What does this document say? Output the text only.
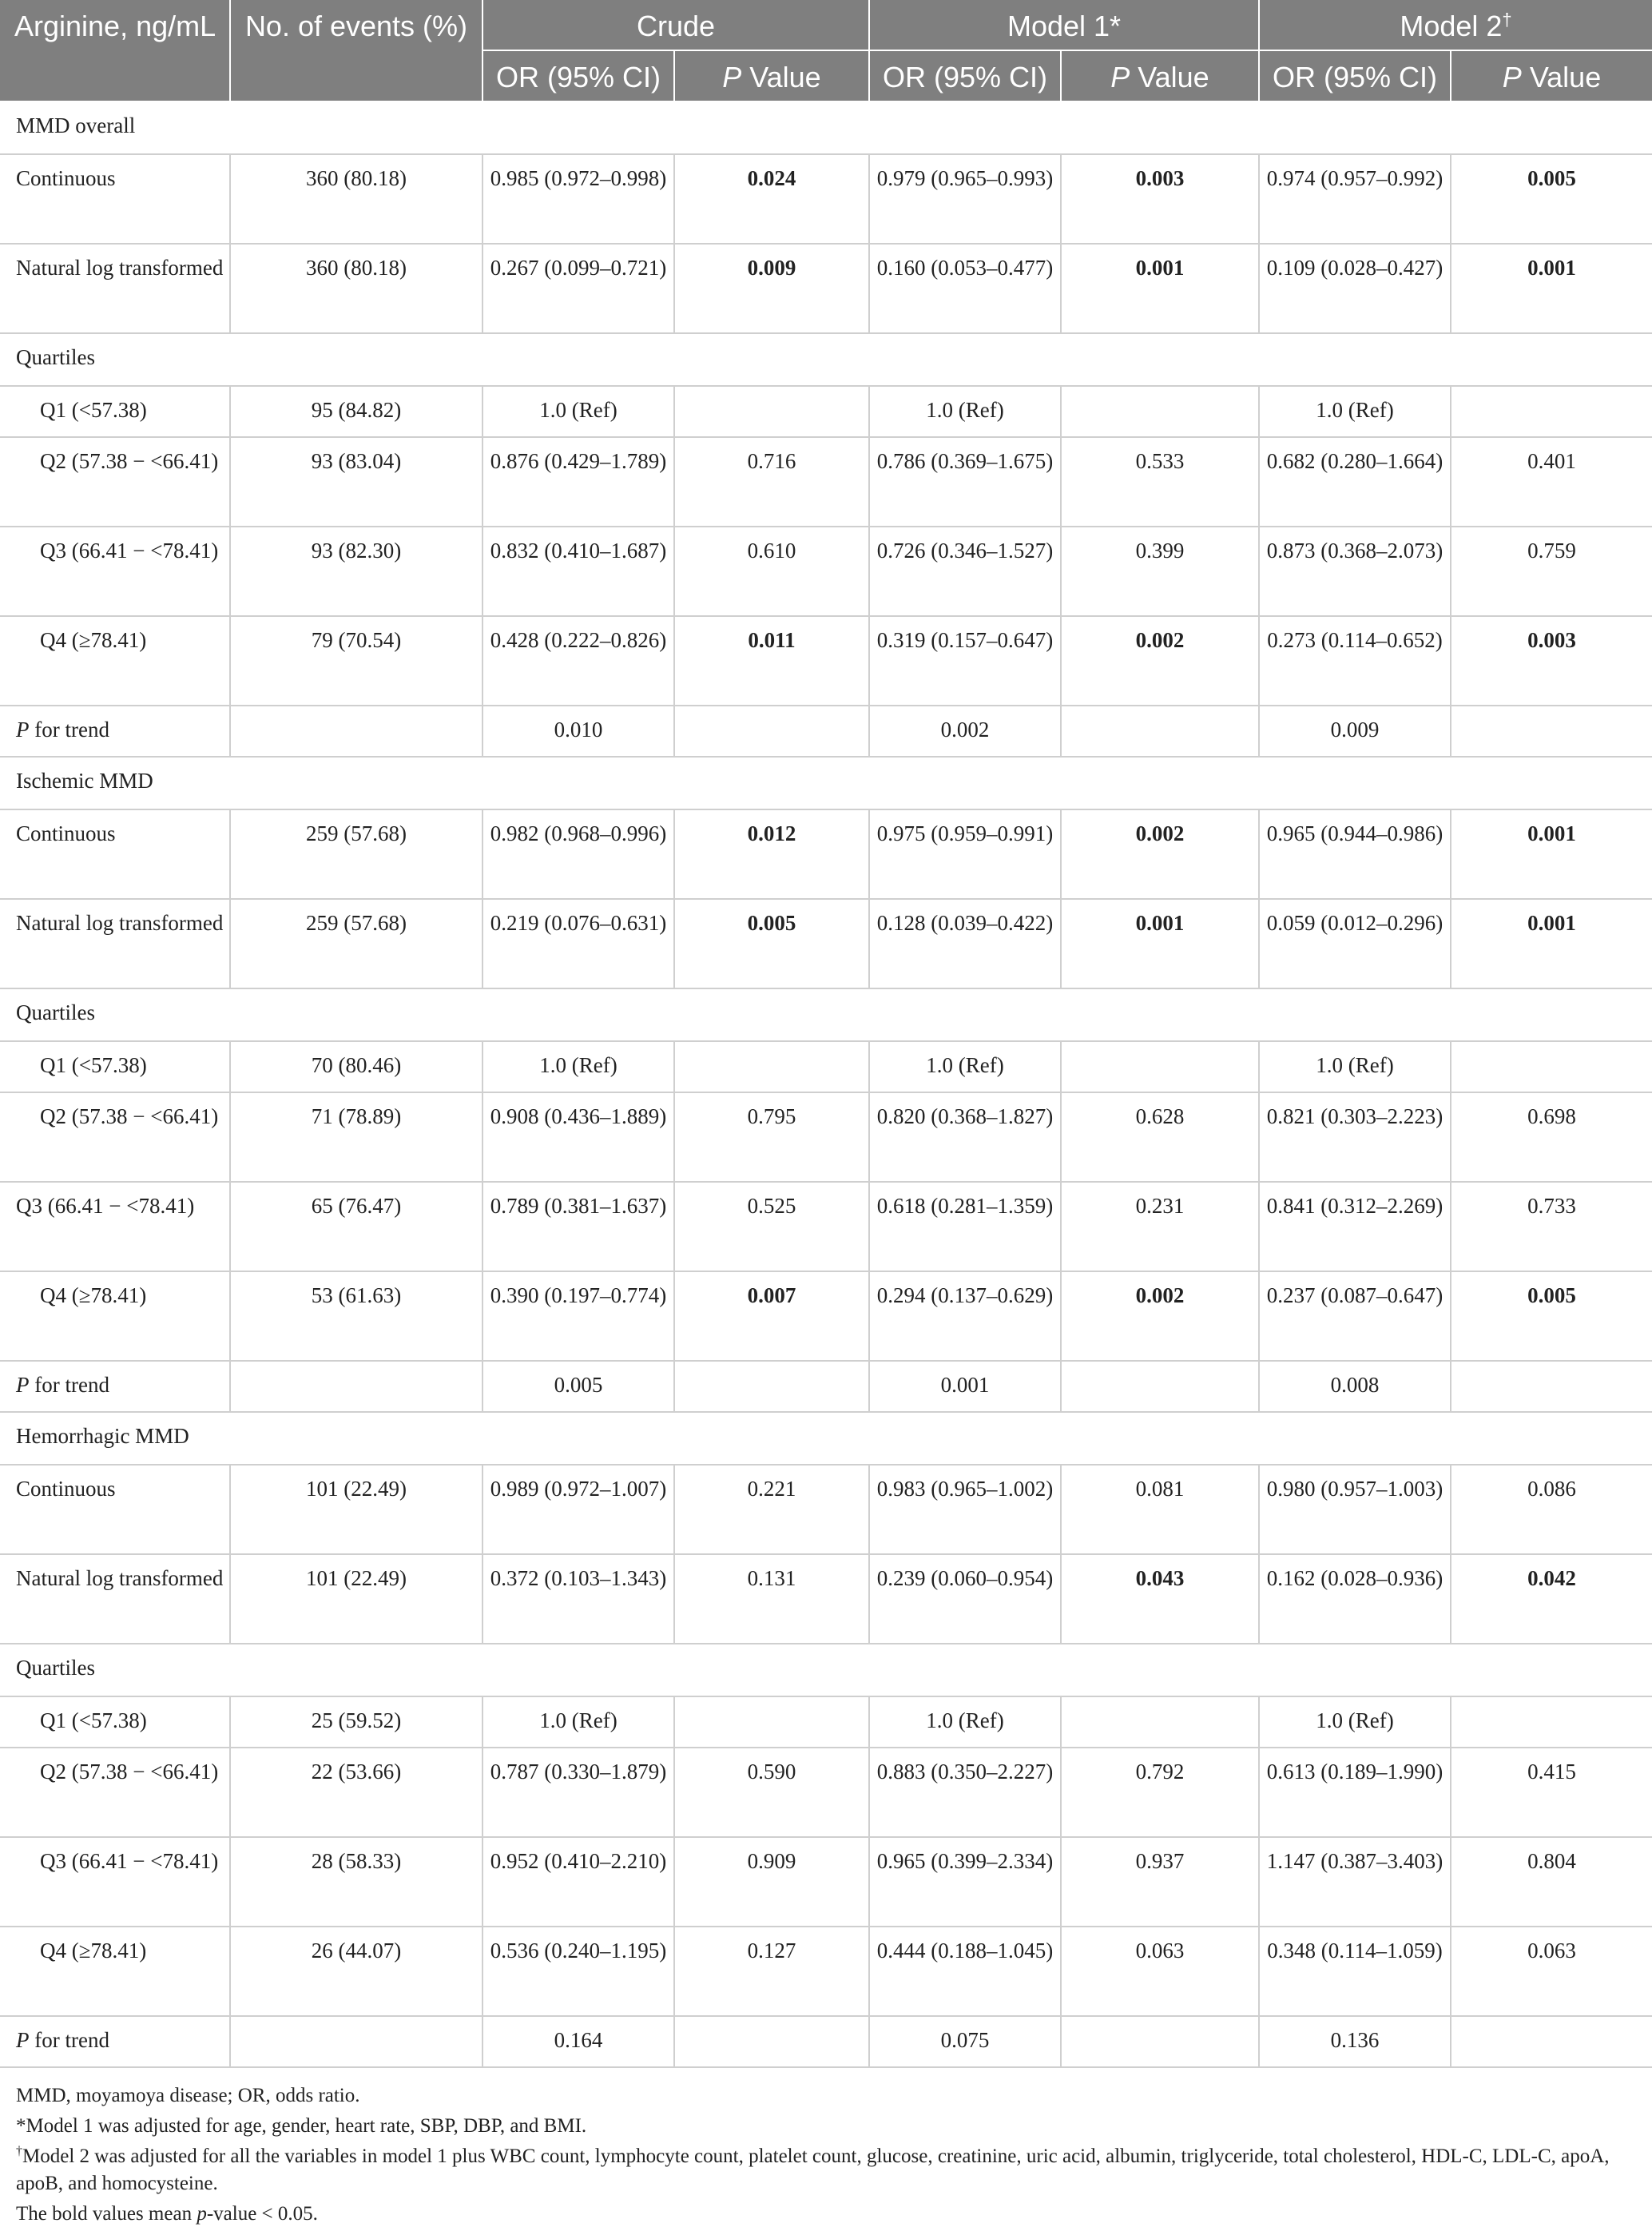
Arginine, ng/mL	No. of events (%)	Crude		Model 1*		Model 2†
		OR (95% CI)	P Value	OR (95% CI)	P Value	OR (95% CI)	P Value
MMD overall							
Continuous	360 (80.18)	0.985 (0.972–0.998)	0.024	0.979 (0.965–0.993)	0.003	0.974 (0.957–0.992)	0.005
Natural log transformed	360 (80.18)	0.267 (0.099–0.721)	0.009	0.160 (0.053–0.477)	0.001	0.109 (0.028–0.427)	0.001
Quartiles							
Q1 (<57.38)	95 (84.82)	1.0 (Ref)		1.0 (Ref)		1.0 (Ref)	
Q2 (57.38 − <66.41)	93 (83.04)	0.876 (0.429–1.789)	0.716	0.786 (0.369–1.675)	0.533	0.682 (0.280–1.664)	0.401
Q3 (66.41 − <78.41)	93 (82.30)	0.832 (0.410–1.687)	0.610	0.726 (0.346–1.527)	0.399	0.873 (0.368–2.073)	0.759
Q4 (≥78.41)	79 (70.54)	0.428 (0.222–0.826)	0.011	0.319 (0.157–0.647)	0.002	0.273 (0.114–0.652)	0.003
P for trend		0.010		0.002		0.009	
Ischemic MMD							
Continuous	259 (57.68)	0.982 (0.968–0.996)	0.012	0.975 (0.959–0.991)	0.002	0.965 (0.944–0.986)	0.001
Natural log transformed	259 (57.68)	0.219 (0.076–0.631)	0.005	0.128 (0.039–0.422)	0.001	0.059 (0.012–0.296)	0.001
Quartiles							
Q1 (<57.38)	70 (80.46)	1.0 (Ref)		1.0 (Ref)		1.0 (Ref)	
Q2 (57.38 − <66.41)	71 (78.89)	0.908 (0.436–1.889)	0.795	0.820 (0.368–1.827)	0.628	0.821 (0.303–2.223)	0.698
Q3 (66.41 − <78.41)	65 (76.47)	0.789 (0.381–1.637)	0.525	0.618 (0.281–1.359)	0.231	0.841 (0.312–2.269)	0.733
Q4 (≥78.41)	53 (61.63)	0.390 (0.197–0.774)	0.007	0.294 (0.137–0.629)	0.002	0.237 (0.087–0.647)	0.005
P for trend		0.005		0.001		0.008	
Hemorrhagic MMD							
Continuous	101 (22.49)	0.989 (0.972–1.007)	0.221	0.983 (0.965–1.002)	0.081	0.980 (0.957–1.003)	0.086
Natural log transformed	101 (22.49)	0.372 (0.103–1.343)	0.131	0.239 (0.060–0.954)	0.043	0.162 (0.028–0.936)	0.042
Quartiles							
Q1 (<57.38)	25 (59.52)	1.0 (Ref)		1.0 (Ref)		1.0 (Ref)	
Q2 (57.38 − <66.41)	22 (53.66)	0.787 (0.330–1.879)	0.590	0.883 (0.350–2.227)	0.792	0.613 (0.189–1.990)	0.415
Q3 (66.41 − <78.41)	28 (58.33)	0.952 (0.410–2.210)	0.909	0.965 (0.399–2.334)	0.937	1.147 (0.387–3.403)	0.804
Q4 (≥78.41)	26 (44.07)	0.536 (0.240–1.195)	0.127	0.444 (0.188–1.045)	0.063	0.348 (0.114–1.059)	0.063
P for trend		0.164		0.075		0.136	

MMD, moyamoya disease; OR, odds ratio.

*Model 1 was adjusted for age, gender, heart rate, SBP, DBP, and BMI.

†Model 2 was adjusted for all the variables in model 1 plus WBC count, lymphocyte count, platelet count, glucose, creatinine, uric acid, albumin, triglyceride, total cholesterol, HDL-C, LDL-C, apoA, apoB, and homocysteine.

The bold values mean p-value < 0.05.
